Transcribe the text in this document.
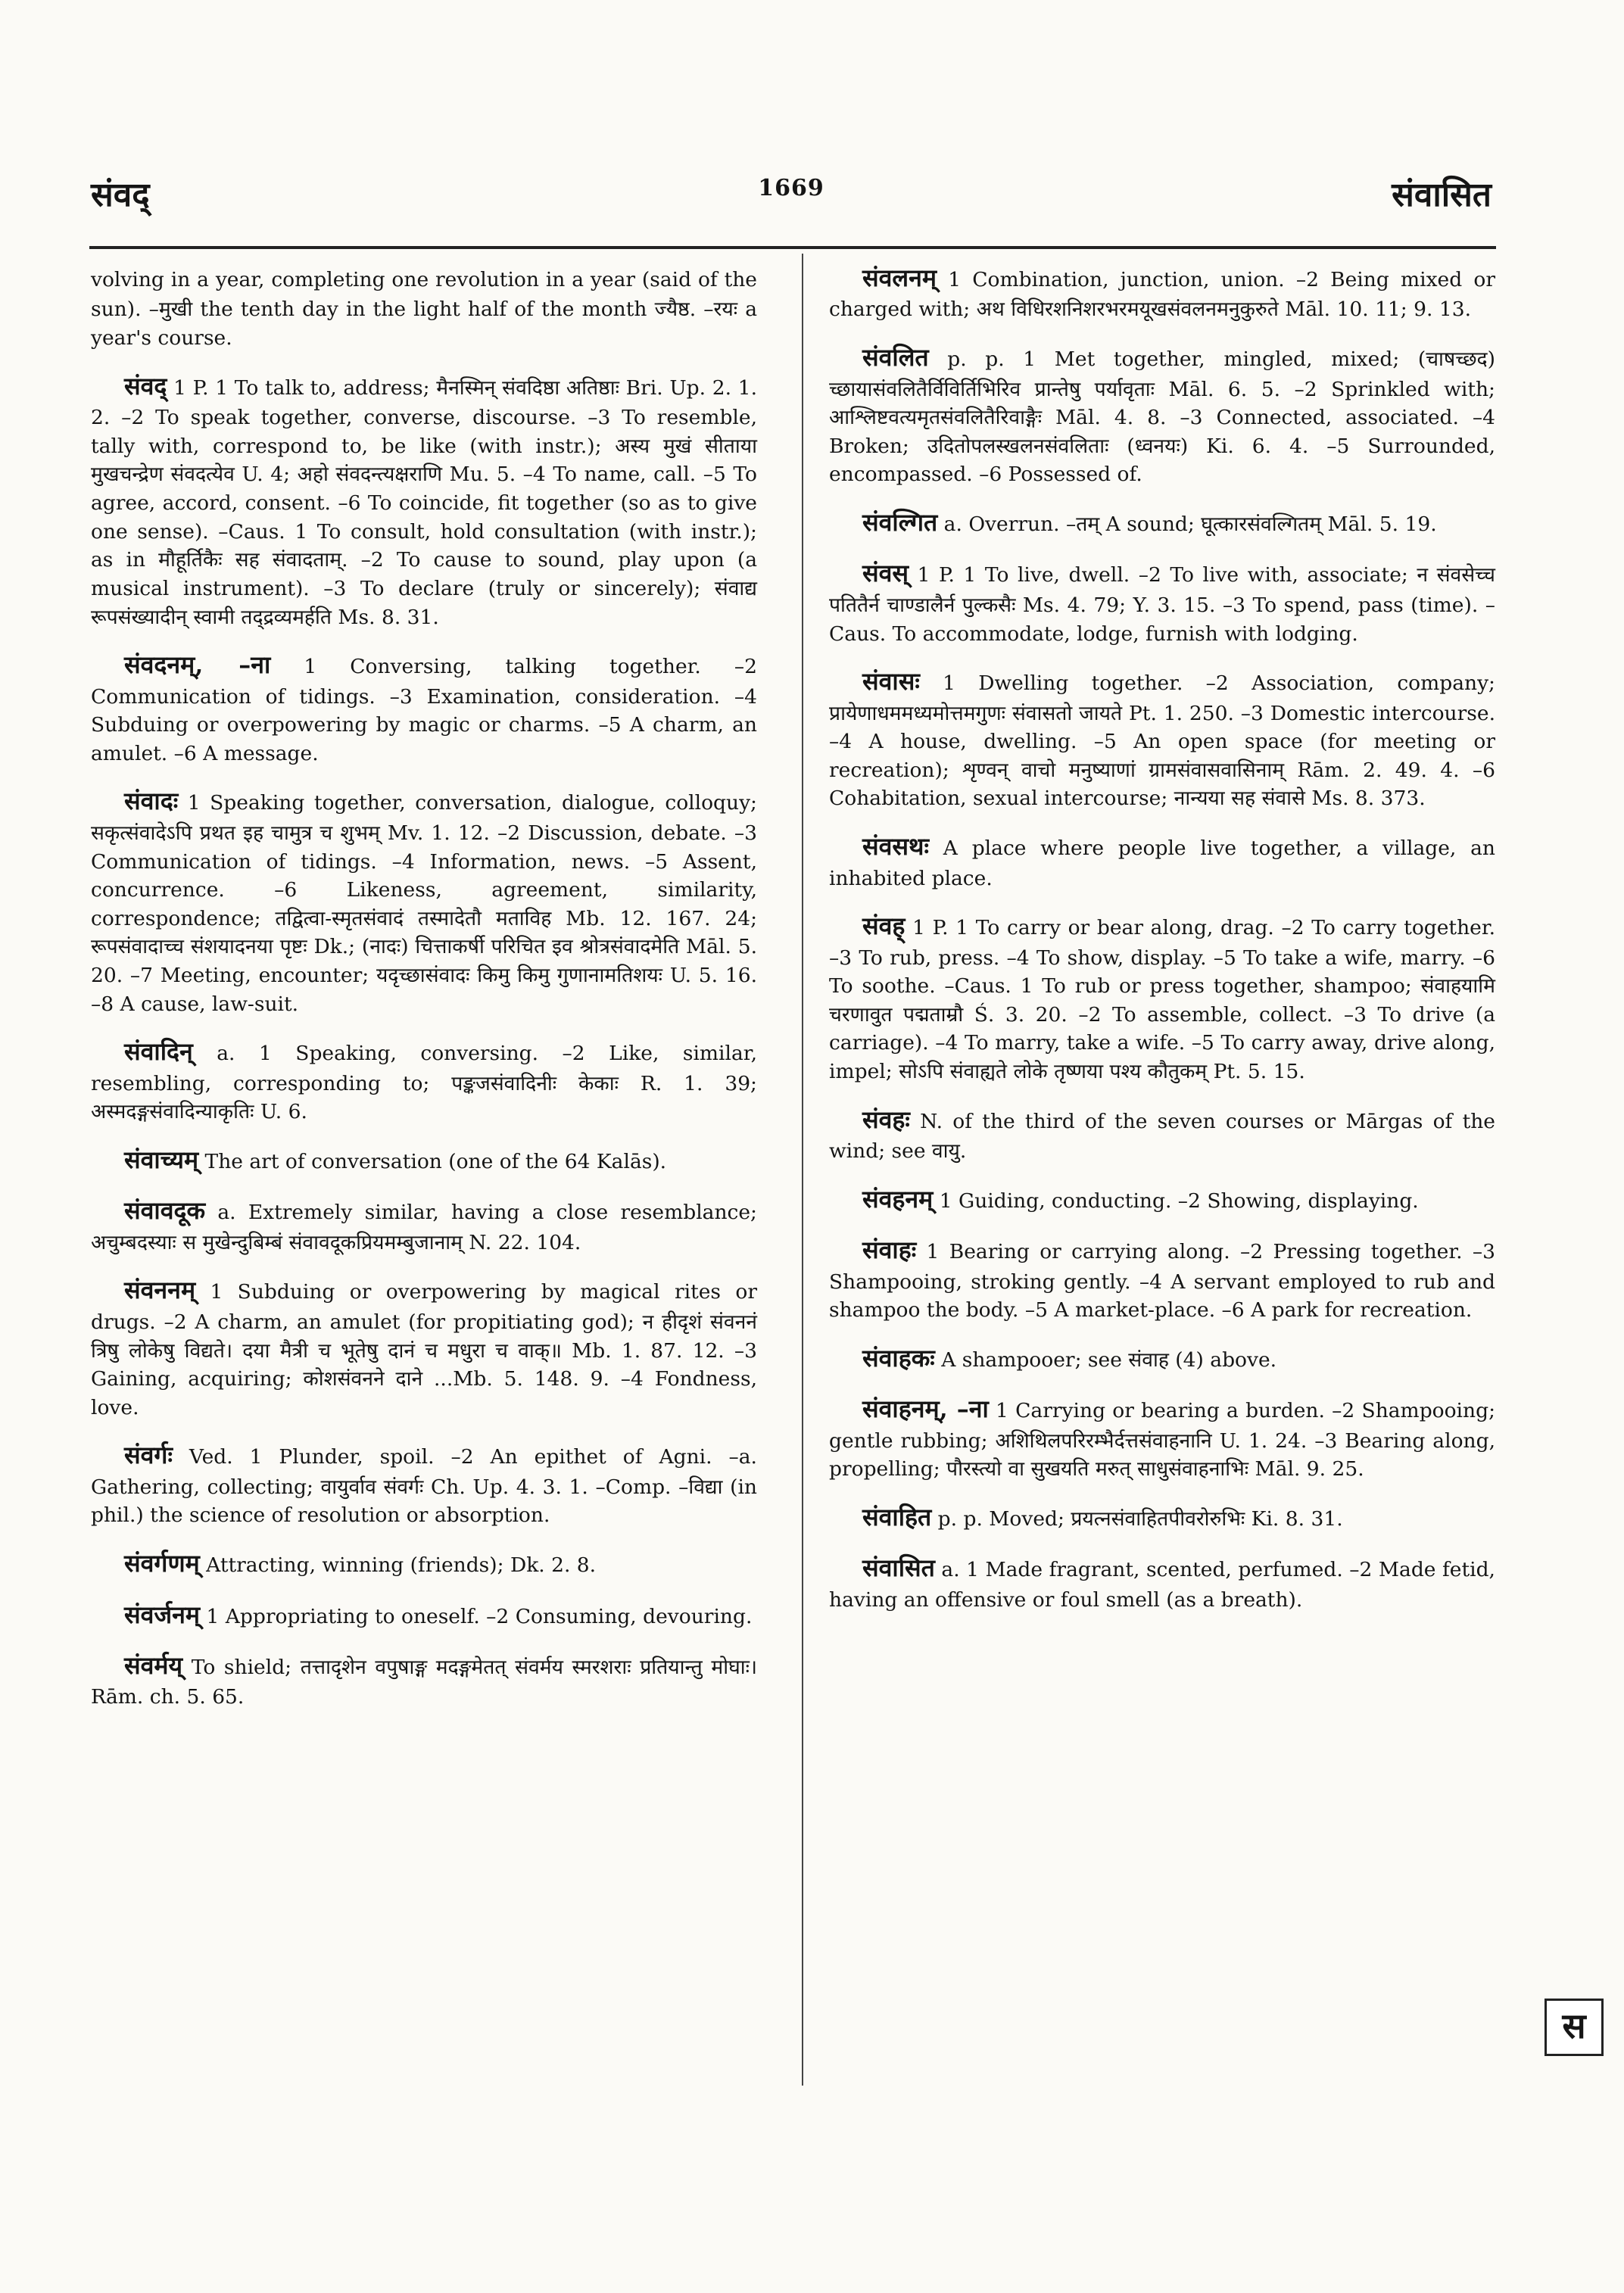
संवद्	1669	संवासित

volving in a year, completing one revolution in a year (said of the sun). –मुखी the tenth day in the light half of the month ज्यैष्ठ. –रयः a year's course.

संवद् 1 P. 1 To talk to, address; मैनस्मिन् संवदिष्ठा अतिष्ठाः Bri. Up. 2. 1. 2. –2 To speak together, converse, discourse. –3 To resemble, tally with, correspond to, be like (with instr.); अस्य मुखं सीताया मुखचन्द्रेण संवदत्येव U. 4; अहो संवदन्त्यक्षराणि Mu. 5. –4 To name, call. –5 To agree, accord, consent. –6 To coincide, fit together (so as to give one sense). –Caus. 1 To consult, hold consultation (with instr.); as in मौहूर्तिकैः सह संवादताम्. –2 To cause to sound, play upon (a musical instrument). –3 To declare (truly or sincerely); संवाद्य रूपसंख्यादीन् स्वामी तद्द्रव्यमर्हति Ms. 8. 31.

संवदनम्, –ना 1 Conversing, talking together. –2 Communication of tidings. –3 Examination, consideration. –4 Subduing or overpowering by magic or charms. –5 A charm, an amulet. –6 A message.

संवादः 1 Speaking together, conversation, dialogue, colloquy; सकृत्संवादेऽपि प्रथत इह चामुत्र च शुभम् Mv. 1. 12. –2 Discussion, debate. –3 Communication of tidings. –4 Information, news. –5 Assent, concurrence. –6 Likeness, agreement, similarity, correspondence; तद्वित्वा-स्मृतसंवादं तस्मादेतौ मताविह Mb. 12. 167. 24; रूपसंवादाच्च संशयादनया पृष्टः Dk.; (नादः) चित्ताकर्षी परिचित इव श्रोत्रसंवादमेति Māl. 5. 20. –7 Meeting, encounter; यदृच्छासंवादः किमु किमु गुणानामतिशयः U. 5. 16. –8 A cause, law-suit.

संवादिन् a. 1 Speaking, conversing. –2 Like, similar, resembling, corresponding to; पङ्कजसंवादिनीः केकाः R. 1. 39; अस्मदङ्गसंवादिन्याकृतिः U. 6.

संवाच्यम् The art of conversation (one of the 64 Kalās).

संवावदूक a. Extremely similar, having a close resemblance; अचुम्बदस्याः स मुखेन्दुबिम्बं संवावदूकप्रियमम्बुजानाम् N. 22. 104.

संवननम् 1 Subduing or overpowering by magical rites or drugs. –2 A charm, an amulet (for propitiating god); न हीदृशं संवननं त्रिषु लोकेषु विद्यते। दया मैत्री च भूतेषु दानं च मधुरा च वाक्॥ Mb. 1. 87. 12. –3 Gaining, acquiring; कोशसंवनने दाने ...Mb. 5. 148. 9. –4 Fondness, love.

संवर्गः Ved. 1 Plunder, spoil. –2 An epithet of Agni. –a. Gathering, collecting; वायुर्वाव संवर्गः Ch. Up. 4. 3. 1. –Comp. –विद्या (in phil.) the science of resolution or absorption.

संवर्गणम् Attracting, winning (friends); Dk. 2. 8.

संवर्जनम् 1 Appropriating to oneself. –2 Consuming, devouring.

संवर्मय् To shield; तत्तादृशेन वपुषाङ्ग मदङ्गमेतत् संवर्मय स्मरशराः प्रतियान्तु मोघाः। Rām. ch. 5. 65.

संवलनम् 1 Combination, junction, union. –2 Being mixed or charged with; अथ विधिरशनिशरभरमयूखसंवलनमनुकुरुते Māl. 10. 11; 9. 13.

संवलित p. p. 1 Met together, mingled, mixed; (चाषच्छद) च्छायासंवलितैर्विविर्तिभिरिव प्रान्तेषु पर्यावृताः Māl. 6. 5. –2 Sprinkled with; आश्लिष्टवत्यमृतसंवलितैरिवाङ्गैः Māl. 4. 8. –3 Connected, associated. –4 Broken; उदितोपलस्खलनसंवलिताः (ध्वनयः) Ki. 6. 4. –5 Surrounded, encompassed. –6 Possessed of.

संवल्गित a. Overrun. –तम् A sound; घूत्कारसंवल्गितम् Māl. 5. 19.

संवस् 1 P. 1 To live, dwell. –2 To live with, associate; न संवसेच्च पतितैर्न चाण्डालैर्न पुल्कसैः Ms. 4. 79; Y. 3. 15. –3 To spend, pass (time). –Caus. To accommodate, lodge, furnish with lodging.

संवासः 1 Dwelling together. –2 Association, company; प्रायेणाधममध्यमोत्तमगुणः संवासतो जायते Pt. 1. 250. –3 Domestic intercourse. –4 A house, dwelling. –5 An open space (for meeting or recreation); शृण्वन् वाचो मनुष्याणां ग्रामसंवासवासिनाम् Rām. 2. 49. 4. –6 Cohabitation, sexual intercourse; नान्यया सह संवासे Ms. 8. 373.

संवसथः A place where people live together, a village, an inhabited place.

संवह् 1 P. 1 To carry or bear along, drag. –2 To carry together. –3 To rub, press. –4 To show, display. –5 To take a wife, marry. –6 To soothe. –Caus. 1 To rub or press together, shampoo; संवाहयामि चरणावुत पद्मताम्रौ Ś. 3. 20. –2 To assemble, collect. –3 To drive (a carriage). –4 To marry, take a wife. –5 To carry away, drive along, impel; सोऽपि संवाह्यते लोके तृष्णया पश्य कौतुकम् Pt. 5. 15.

संवहः N. of the third of the seven courses or Mārgas of the wind; see वायु.

संवहनम् 1 Guiding, conducting. –2 Showing, displaying.

संवाहः 1 Bearing or carrying along. –2 Pressing together. –3 Shampooing, stroking gently. –4 A servant employed to rub and shampoo the body. –5 A market-place. –6 A park for recreation.

संवाहकः A shampooer; see संवाह (4) above.

संवाहनम्, –ना 1 Carrying or bearing a burden. –2 Shampooing; gentle rubbing; अशिथिलपरिरम्भैर्दत्तसंवाहनानि U. 1. 24. –3 Bearing along, propelling; पौरस्त्यो वा सुखयति मरुत् साधुसंवाहनाभिः Māl. 9. 25.

संवाहित p. p. Moved; प्रयत्नसंवाहितपीवरोरुभिः Ki. 8. 31.

संवासित a. 1 Made fragrant, scented, perfumed. –2 Made fetid, having an offensive or foul smell (as a breath).

स
